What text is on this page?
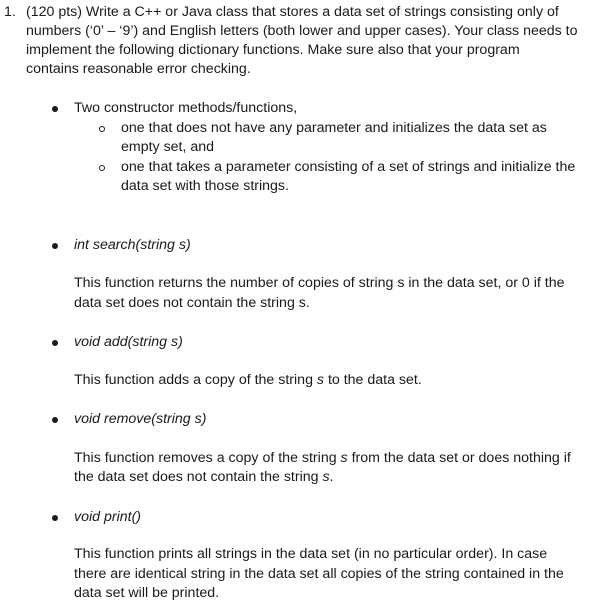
1. (120 pts) Write a C++ or Java class that stores a data set of strings consisting only of
numbers (‘0’ – ‘9’) and English letters (both lower and upper cases). Your class needs to
implement the following dictionary functions. Make sure also that your program
contains reasonable error checking.
Two constructor methods/functions,
one that does not have any parameter and initializes the data set as
empty set, and
one that takes a parameter consisting of a set of strings and initialize the
data set with those strings.
int search(string s)
This function returns the number of copies of string s in the data set, or 0 if the
data set does not contain the string s.
void add(string s)
This function adds a copy of the string s to the data set.
void remove(string s)
This function removes a copy of the string s from the data set or does nothing if
the data set does not contain the string s.
void print()
This function prints all strings in the data set (in no particular order). In case
there are identical string in the data set all copies of the string contained in the
data set will be printed.
